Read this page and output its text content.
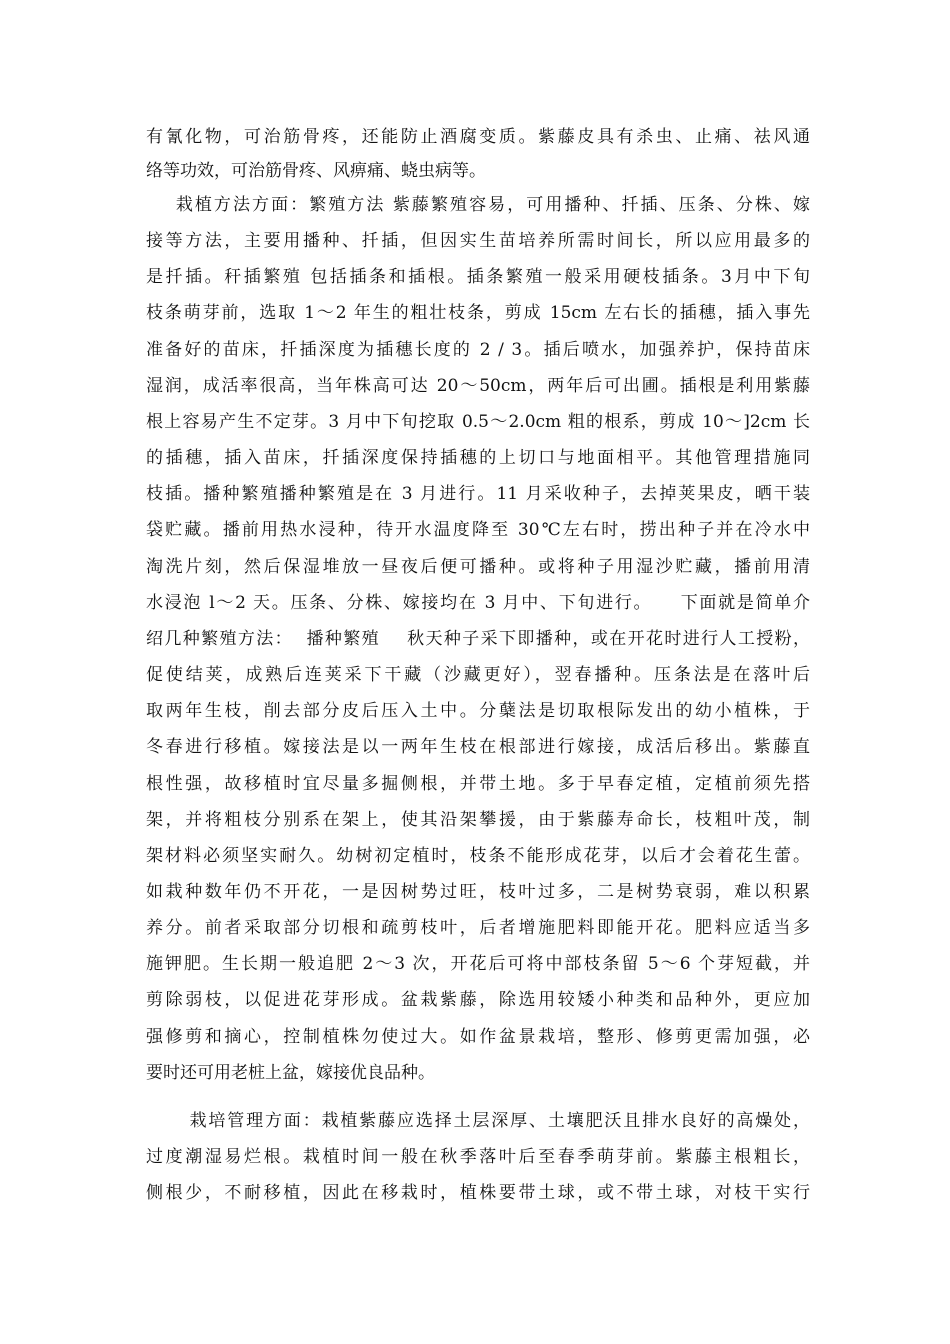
有氰化物，可治筋骨疼，还能防止酒腐变质。紫藤皮具有杀虫、止痛、祛风通
络等功效，可治筋骨疼、风痹痛、蛲虫病等。
栽植方法方面：繁殖方法 紫藤繁殖容易，可用播种、扦插、压条、分株、嫁
接等方法，主要用播种、扦插，但因实生苗培养所需时间长，所以应用最多的
是扦插。秆插繁殖 包括插条和插根。插条繁殖一般采用硬枝插条。3月中下旬
枝条萌芽前，选取 1～2 年生的粗壮枝条，剪成 15cm 左右长的插穗，插入事先
准备好的苗床，扦插深度为插穗长度的 2 / 3。插后喷水，加强养护，保持苗床
湿润，成活率很高，当年株高可达 20～50cm，两年后可出圃。插根是利用紫藤
根上容易产生不定芽。3 月中下旬挖取 0.5～2.0cm 粗的根系，剪成 10～]2cm 长
的插穗，插入苗床，扦插深度保持插穗的上切口与地面相平。其他管理措施同
枝插。播种繁殖播种繁殖是在 3 月进行。11 月采收种子，去掉荚果皮，晒干装
袋贮藏。播前用热水浸种，待开水温度降至 30℃左右时，捞出种子并在冷水中
淘洗片刻，然后保湿堆放一昼夜后便可播种。或将种子用湿沙贮藏，播前用清
水浸泡 l～2 天。压条、分株、嫁接均在 3 月中、下旬进行。    下面就是简单介
绍几种繁殖方法：  播种繁殖    秋天种子采下即播种，或在开花时进行人工授粉，
促使结荚，成熟后连荚采下干藏（沙藏更好），翌春播种。压条法是在落叶后
取两年生枝，削去部分皮后压入土中。分蘖法是切取根际发出的幼小植株，于
冬春进行移植。嫁接法是以一两年生枝在根部进行嫁接，成活后移出。紫藤直
根性强，故移植时宜尽量多掘侧根，并带土地。多于早春定植，定植前须先搭
架，并将粗枝分别系在架上，使其沿架攀援，由于紫藤寿命长，枝粗叶茂，制
架材料必须坚实耐久。幼树初定植时，枝条不能形成花芽，以后才会着花生蕾。
如栽种数年仍不开花，一是因树势过旺，枝叶过多，二是树势衰弱，难以积累
养分。前者采取部分切根和疏剪枝叶，后者增施肥料即能开花。肥料应适当多
施钾肥。生长期一般追肥 2～3 次，开花后可将中部枝条留 5～6 个芽短截，并
剪除弱枝，以促进花芽形成。盆栽紫藤，除选用较矮小种类和品种外，更应加
强修剪和摘心，控制植株勿使过大。如作盆景栽培，整形、修剪更需加强，必
要时还可用老桩上盆，嫁接优良品种。
栽培管理方面：栽植紫藤应选择土层深厚、土壤肥沃且排水良好的高燥处，
过度潮湿易烂根。栽植时间一般在秋季落叶后至春季萌芽前。紫藤主根粗长，
侧根少，不耐移植，因此在移栽时，植株要带土球，或不带土球，对枝干实行
